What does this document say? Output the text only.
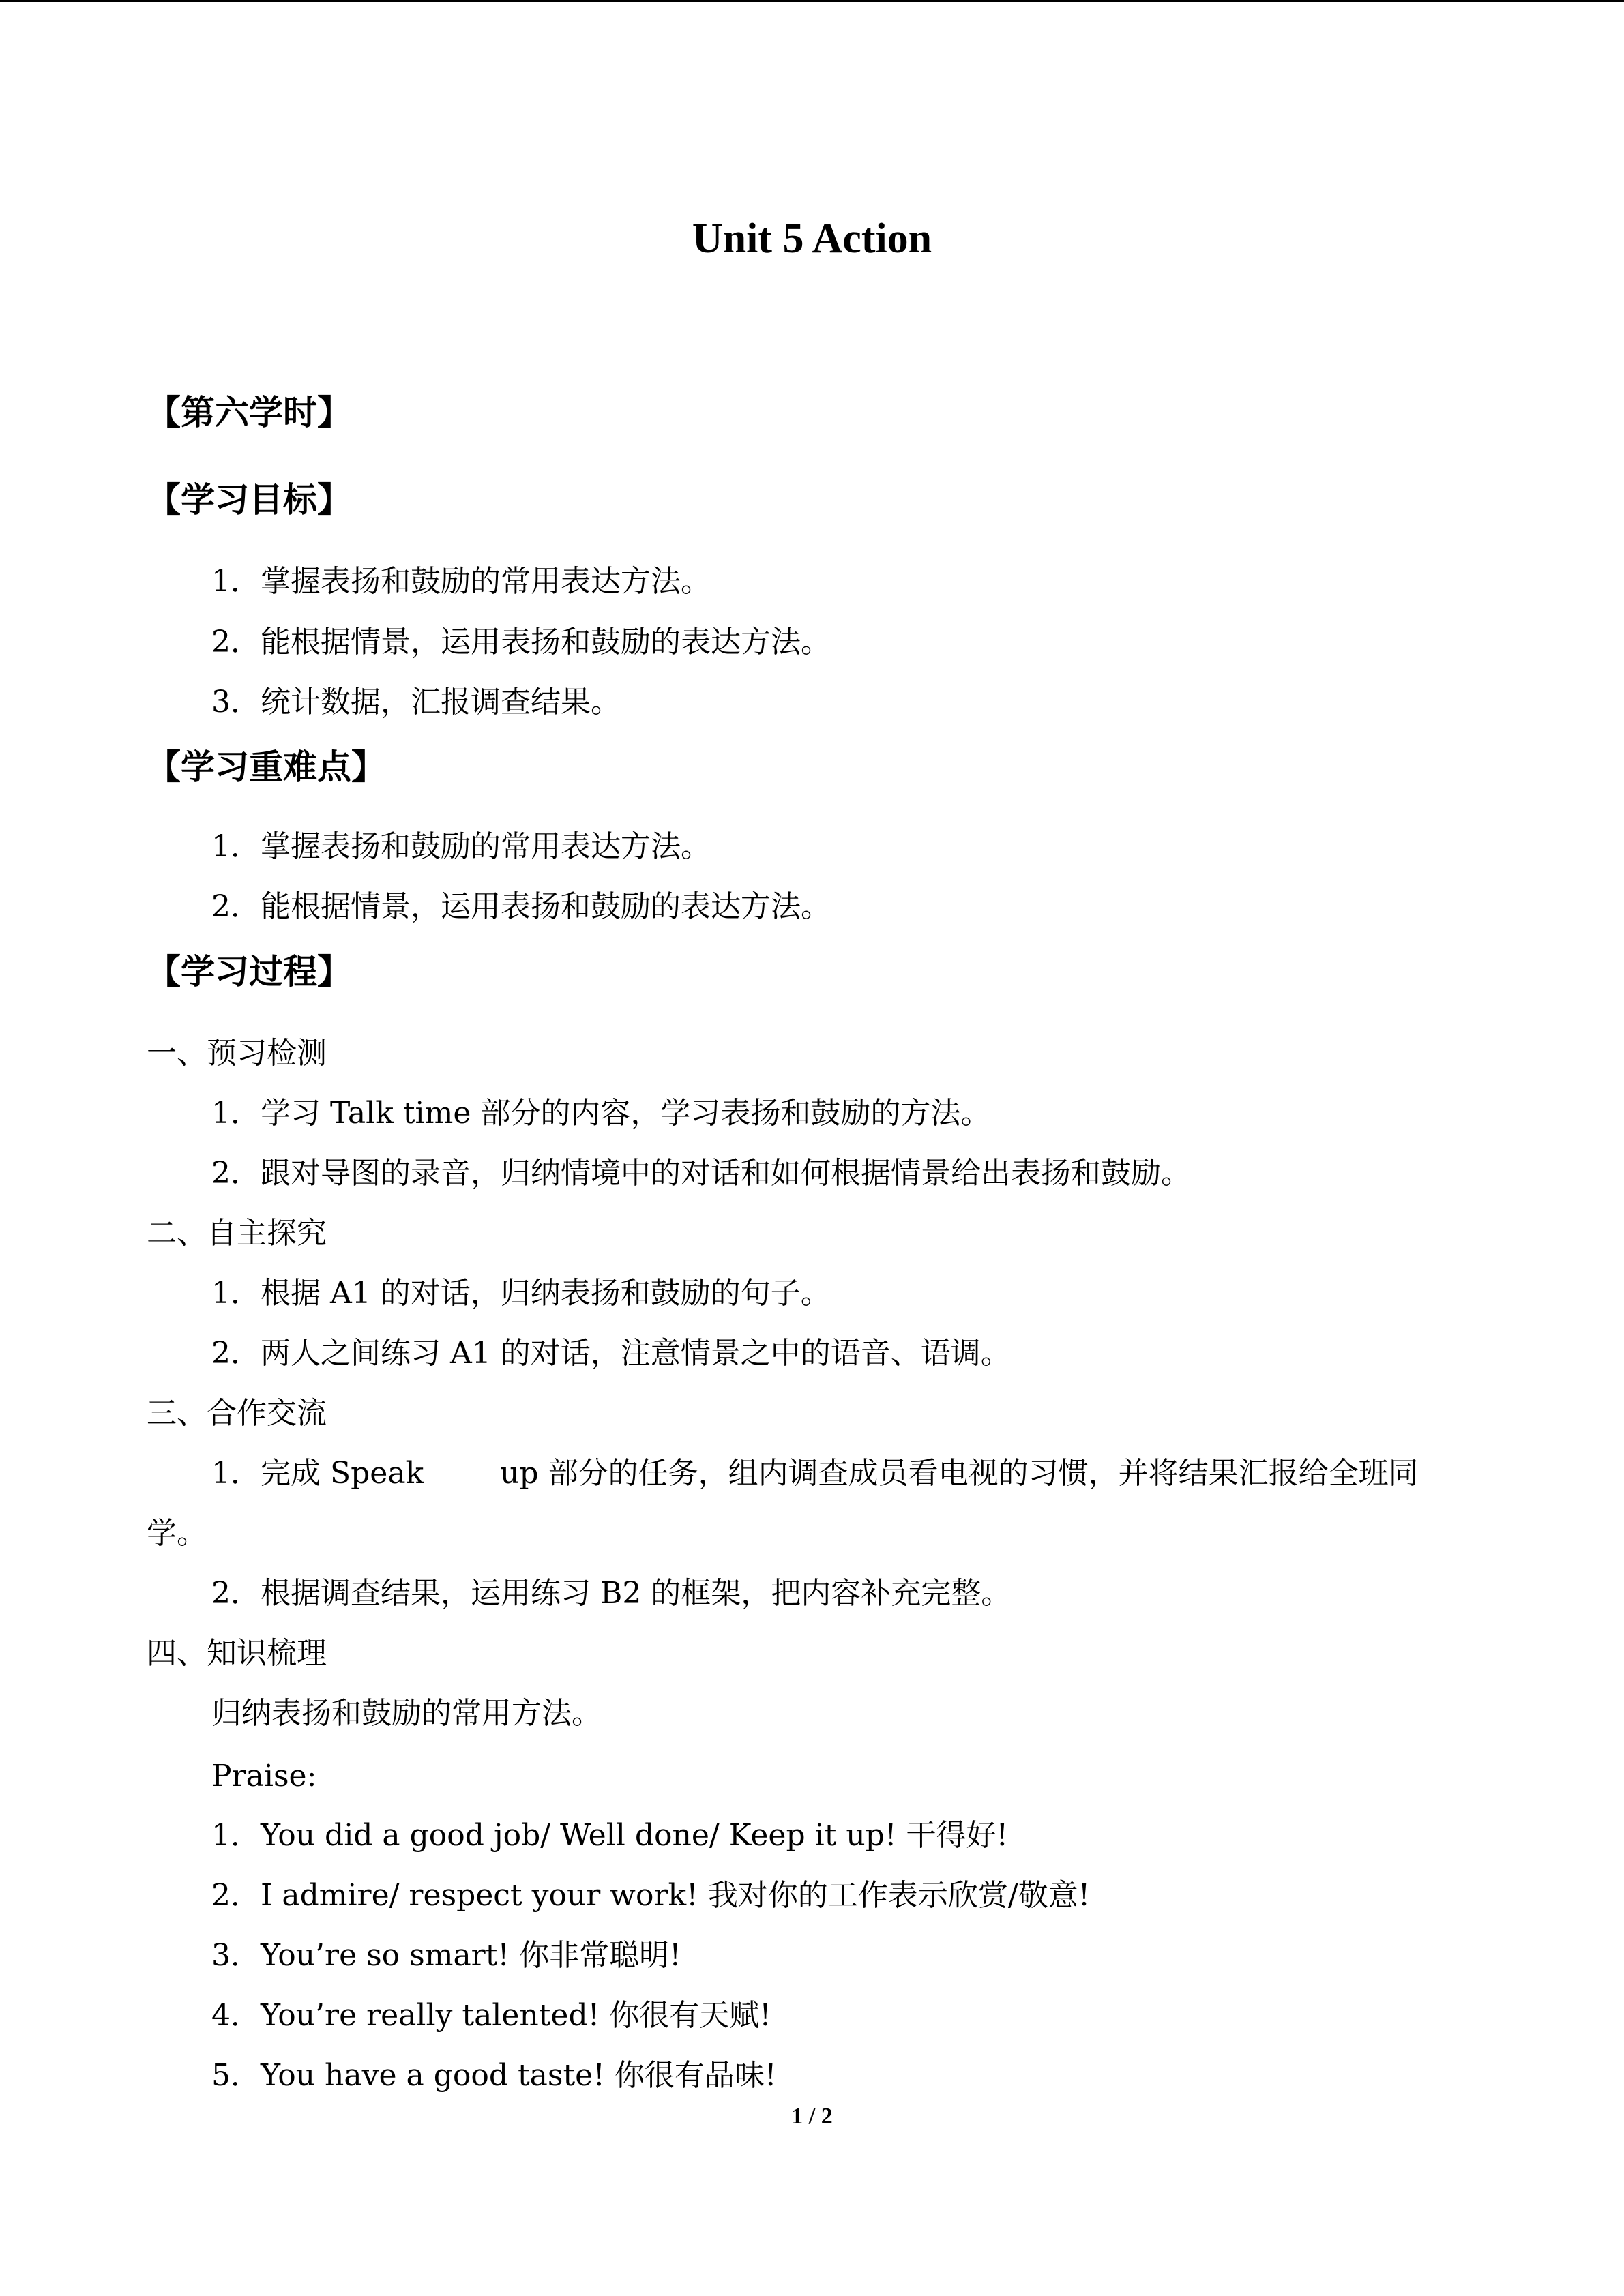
Unit 5 Action
【第六学时】
【学习目标】
1．掌握表扬和鼓励的常用表达方法。
2．能根据情景，运用表扬和鼓励的表达方法。
3．统计数据，汇报调查结果。
【学习重难点】
1．掌握表扬和鼓励的常用表达方法。
2．能根据情景，运用表扬和鼓励的表达方法。
【学习过程】
一、预习检测
1．学习 Talk time 部分的内容，学习表扬和鼓励的方法。
2．跟对导图的录音，归纳情境中的对话和如何根据情景给出表扬和鼓励。
二、自主探究
1．根据 A1 的对话，归纳表扬和鼓励的句子。
2．两人之间练习 A1 的对话，注意情景之中的语音、语调。
三、合作交流
1．完成 Speak        up 部分的任务，组内调查成员看电视的习惯，并将结果汇报给全班同
学。
2．根据调查结果，运用练习 B2 的框架，把内容补充完整。
四、知识梳理
归纳表扬和鼓励的常用方法。
Praise:
1．You did a good job/ Well done/ Keep it up! 干得好!
2．I admire/ respect your work! 我对你的工作表示欣赏/敬意!
3．You’re so smart! 你非常聪明!
4．You’re really talented! 你很有天赋!
5．You have a good taste! 你很有品味!
1 / 2
